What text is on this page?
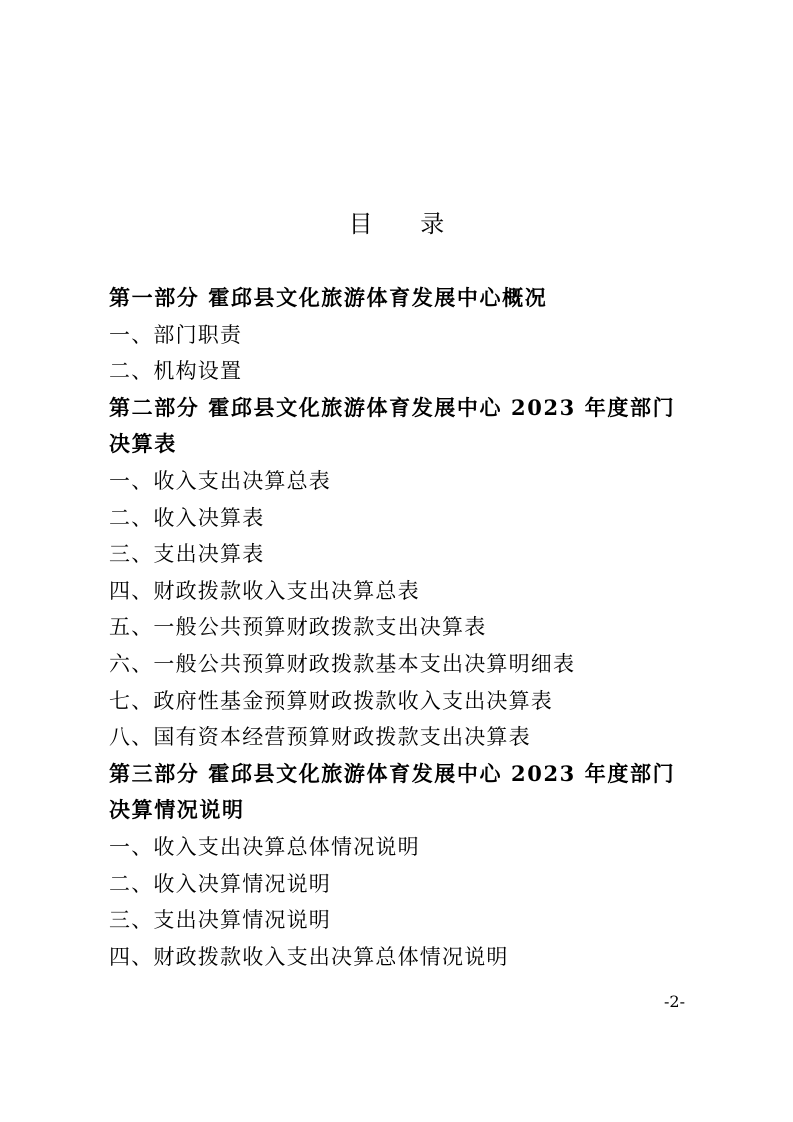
目 录
第一部分 霍邱县文化旅游体育发展中心概况
一、部门职责
二、机构设置
第二部分 霍邱县文化旅游体育发展中心 2023 年度部门
决算表
一、收入支出决算总表
二、收入决算表
三、支出决算表
四、财政拨款收入支出决算总表
五、一般公共预算财政拨款支出决算表
六、一般公共预算财政拨款基本支出决算明细表
七、政府性基金预算财政拨款收入支出决算表
八、国有资本经营预算财政拨款支出决算表
第三部分 霍邱县文化旅游体育发展中心 2023 年度部门
决算情况说明
一、收入支出决算总体情况说明
二、收入决算情况说明
三、支出决算情况说明
四、财政拨款收入支出决算总体情况说明
-2-
